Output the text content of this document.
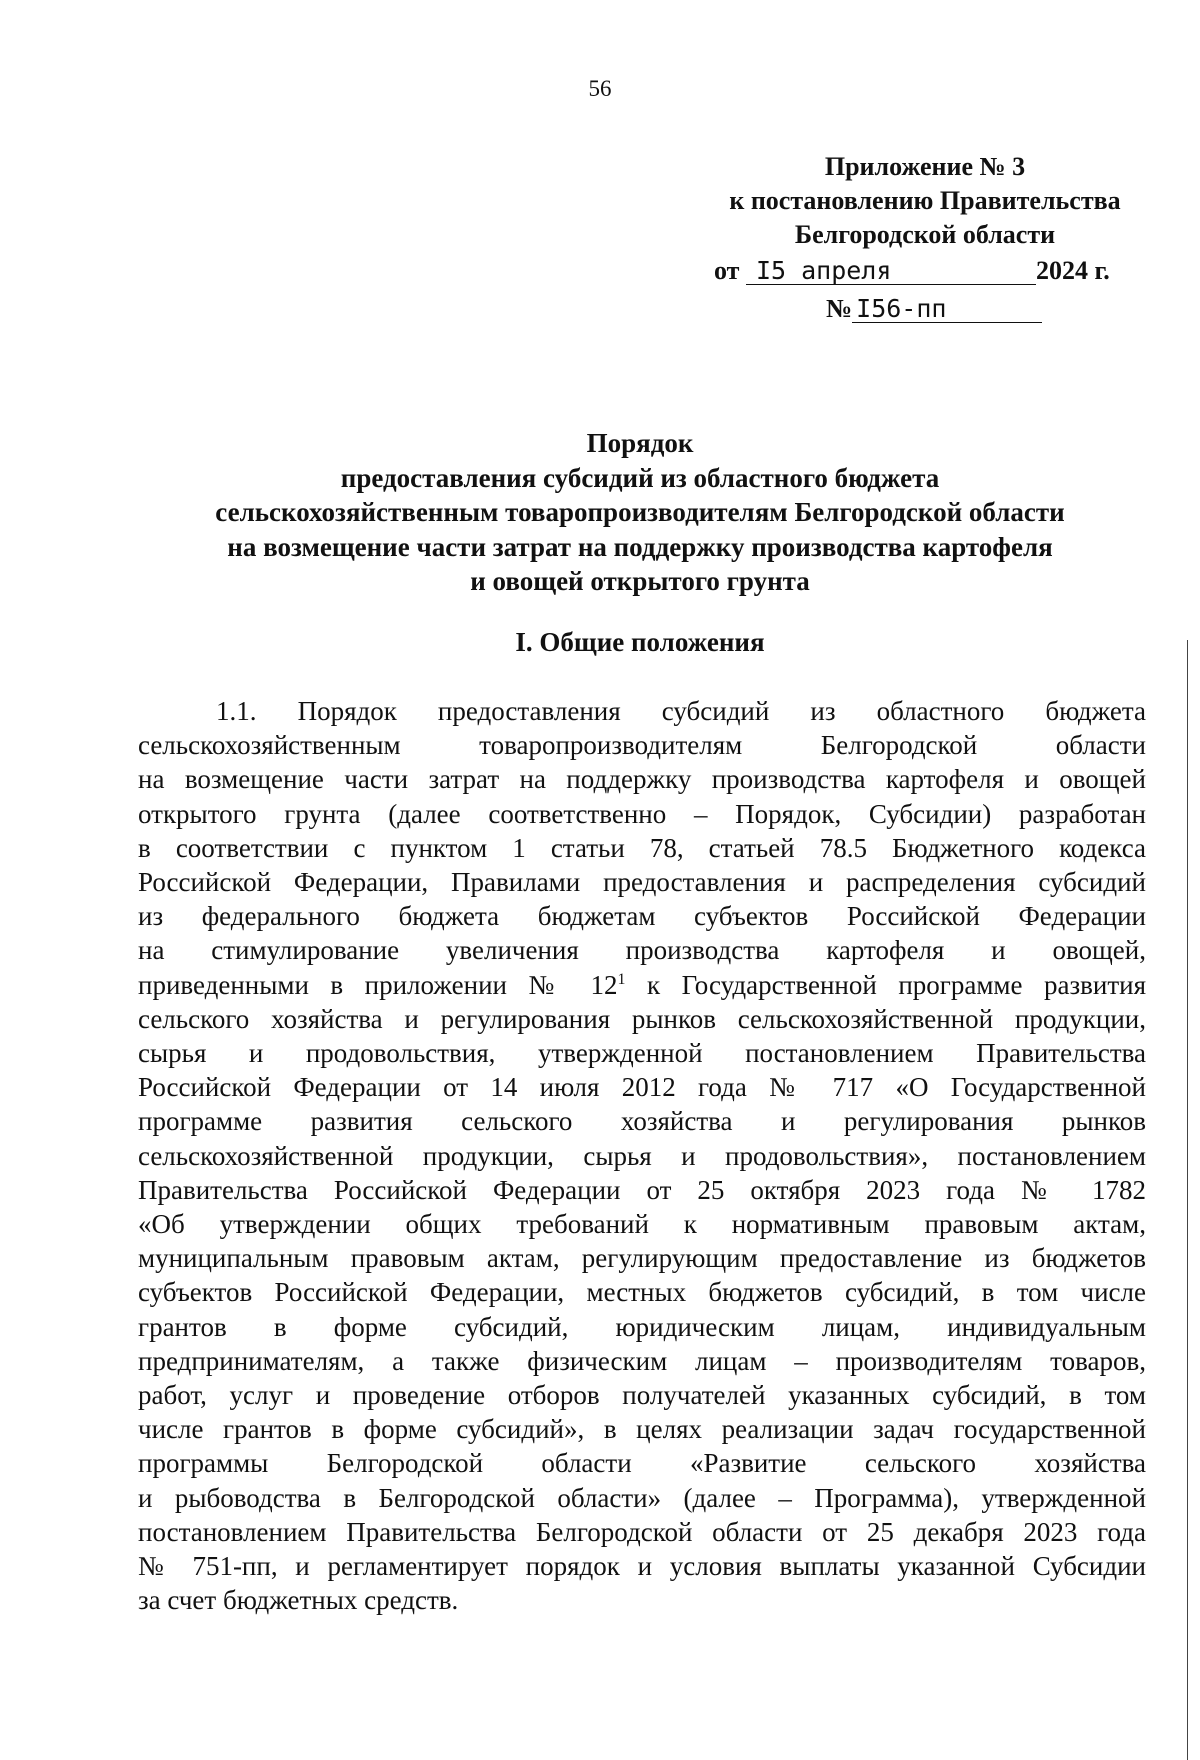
56
Приложение № 3
к постановлению Правительства
Белгородской области
от I5 апреля	2024 г.
№ I56-пп
Порядок
предоставления субсидий из областного бюджета
сельскохозяйственным товаропроизводителям Белгородской области
на возмещение части затрат на поддержку производства картофеля
и овощей открытого грунта
I. Общие положения
1.1. Порядок предоставления субсидий из областного бюджета
сельскохозяйственным товаропроизводителям Белгородской области
на возмещение части затрат на поддержку производства картофеля и овощей
открытого грунта (далее соответственно – Порядок, Субсидии) разработан
в соответствии с пунктом 1 статьи 78, статьей 78.5 Бюджетного кодекса
Российской Федерации, Правилами предоставления и распределения субсидий
из федерального бюджета бюджетам субъектов Российской Федерации
на стимулирование увеличения производства картофеля и овощей,
приведенными в приложении № $12^1$ к Государственной программе развития
сельского хозяйства и регулирования рынков сельскохозяйственной продукции,
сырья и продовольствия, утвержденной постановлением Правительства
Российской Федерации от 14 июля 2012 года № 717 «О Государственной
программе развития сельского хозяйства и регулирования рынков
сельскохозяйственной продукции, сырья и продовольствия», постановлением
Правительства Российской Федерации от 25 октября 2023 года № 1782
«Об утверждении общих требований к нормативным правовым актам,
муниципальным правовым актам, регулирующим предоставление из бюджетов
субъектов Российской Федерации, местных бюджетов субсидий, в том числе
грантов в форме субсидий, юридическим лицам, индивидуальным
предпринимателям, а также физическим лицам – производителям товаров,
работ, услуг и проведение отборов получателей указанных субсидий, в том
числе грантов в форме субсидий», в целях реализации задач государственной
программы Белгородской области «Развитие сельского хозяйства
и рыбоводства в Белгородской области» (далее – Программа), утвержденной
постановлением Правительства Белгородской области от 25 декабря 2023 года
№ 751-пп, и регламентирует порядок и условия выплаты указанной Субсидии
за счет бюджетных средств.
